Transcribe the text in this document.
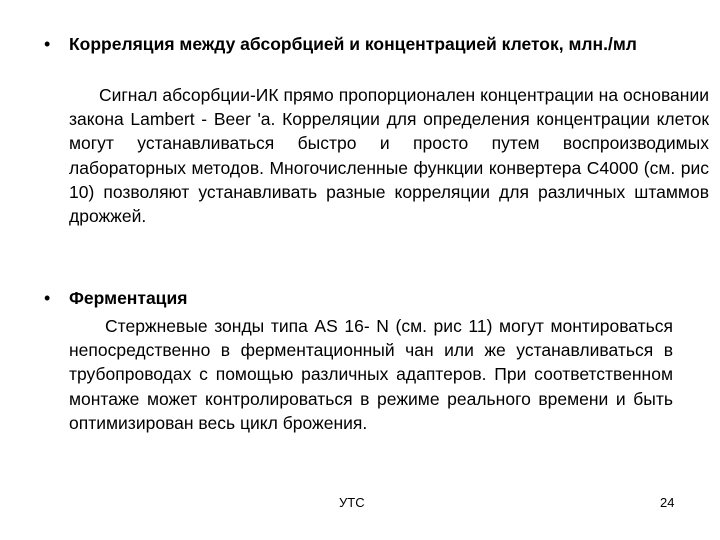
• Корреляция между абсорбцией и концентрацией клеток, млн./мл
Сигнал абсорбции-ИК прямо пропорционален концентрации на основании закона Lambert - Beer 'a. Корреляции для определения концентрации клеток могут устанавливаться быстро и просто путем воспроизводимых лабораторных методов. Многочисленные функции конвертера С4000 (см. рис 10) позволяют устанавливать разные корреляции для различных штаммов дрожжей.
• Ферментация
Стержневые зонды типа AS 16- N (см. рис 11) могут монтироваться непосредственно в ферментационный чан или же устанавливаться в трубопроводах с помощью различных адаптеров. При соответственном монтаже может контролироваться в режиме реального времени и быть оптимизирован весь цикл брожения.
УТС	24
